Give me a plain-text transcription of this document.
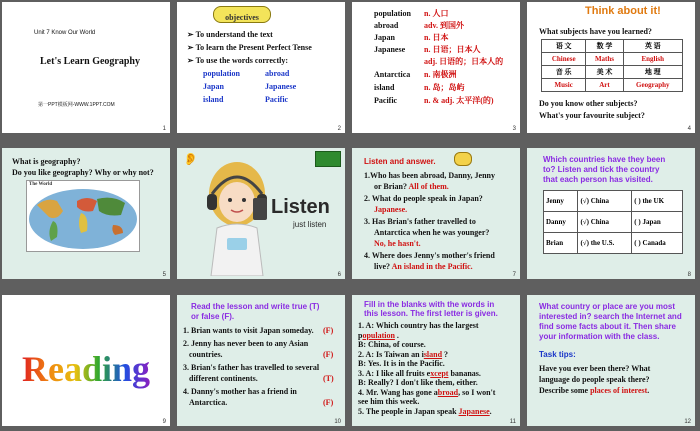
Unit 7 Know Our World
Let's Learn Geography
第一PPT模板网-WWW.1PPT.COM
1
objectives
➢ To understand the text
➢ To learn the Present Perfect Tense
➢ To use the words correctly:
population	abroad
Japan	Japanese
island	Pacific
2
population n. 人口
abroad	adv. 到国外
Japan	n. 日本
Japanese n. 日语；日本人
adj. 日语的；日本人的
Antarctica n. 南极洲
island	n. 岛；岛屿
Pacific	n. & adj. 太平洋(的)
3
Think about it!
What subjects have you learned?
语 文	数 学	英 语
Chinese	Maths	English
音 乐	美 术	地 理
Music	Art	Geography
Do you know other subjects?
What's your favourite subject?
4
What is geography?
Do you like geography? Why or why not?
The World
5
👂
Listen
just listen
6
Listen and answer.
1.Who has been abroad, Danny, Jenny
or Brian? All of them.
2. What do people speak in Japan?
Japanese.
3. Has Brian's father travelled to
Antarctica when he was younger?
No, he hasn't.
4. Where does Jenny's mother's friend
live? An island in the Pacific.
7
Which countries have they been
to? Listen and tick the country
that each person has visited.
Jenny	(√) China	( ) the UK
Danny	(√) China	( ) Japan
Brian	(√) the U.S.	( ) Canada
8
Reading
9
Read the lesson and write true (T)
or false (F).
1. Brian wants to visit Japan someday. (F)
2. Jenny has never been to any Asian
countries.	(F)
3. Brian's father has travelled to several
different continents.	(T)
4. Danny's mother has a friend in
Antarctica.	(F)
10
Fill in the blanks with the words in
this lesson. The first letter is given.
1. A: Which country has the largest
population .
B: China, of course.
2. A: Is Taiwan an island ?
B: Yes. It is in the Pacific.
3. A: I like all fruits except bananas.
B: Really? I don't like them, either.
4. Mr. Wang has gone abroad, so I won't
see him this week.
5. The people in Japan speak Japanese.
11
What country or place are you most
interested in? search the Internet and
find some facts about it. Then share
your information with the class.
Task tips:
Have you ever been there? What
language do people speak there?
Describe some places of interest.
12
